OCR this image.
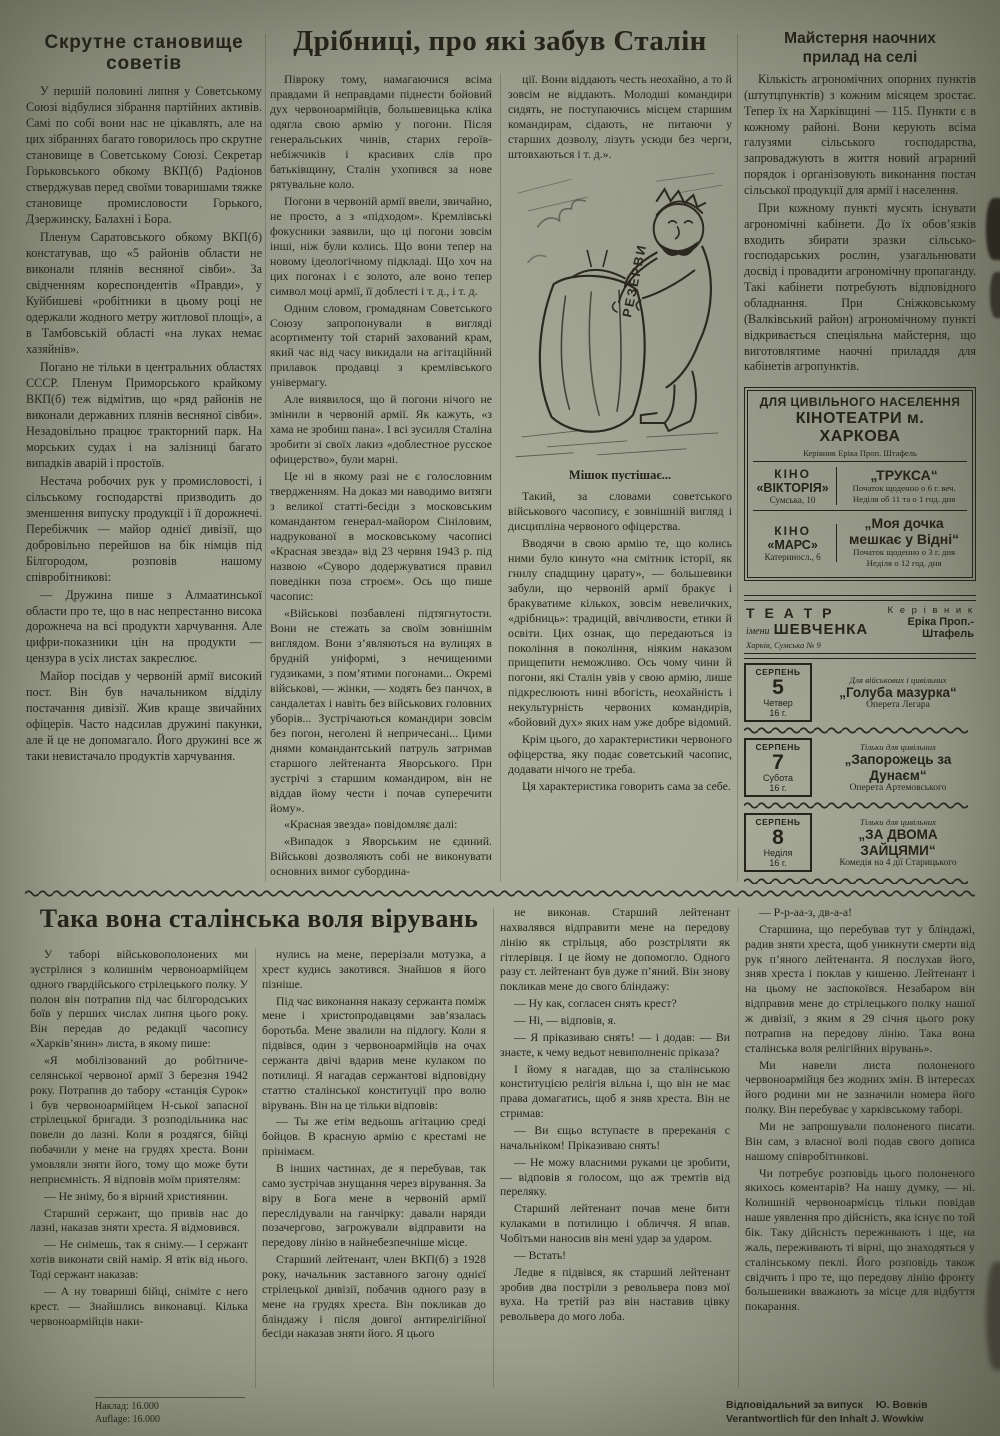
Скрутне становище
советів

У першій половині липня у Советському Союзі відбулися зібрання партійних активів. Самі по собі вони нас не цікавлять, але на цих зібраннях багато говорилось про скрутне становище в Советському Союзі. Секретар Горьковського обкому ВКП(б) Радіонов стверджував перед своїми товаришами тяжке становище промисловости Горького, Дзержинску, Балахні і Бора.

Пленум Саратовського обкому ВКП(б) констатував, що «5 районів области не виконали плянів весняної сівби». За свідченням кореспондентів «Правди», у Куйбишеві «робітники в цьому році не одержали жодного метру житлової площі», а в Тамбовській області «на луках немає хазяйнів».

Погано не тільки в центральних областях СССР. Пленум Приморського крайкому ВКП(б) теж відмітив, що «ряд районів не виконали державних плянів весняної сівби». Незадовільно працює тракторний парк. На морських судах і на залізниці багато випадків аварій і простоїв.

Нестача робочих рук у промисловості, і сільському господарстві призводить до зменшення випуску продукції і її дорожнечі. Перебіжчик — майор однієї дивізії, що добровільно перейшов на бік німців під Білгородом, розповів нашому співробітникові:

— Дружина пише з Алмаатинської области про те, що в нас непрестанно висока дорожнеча на всі продукти харчування. Але цифри-показники цін на продукти — цензура в усіх листах закреслює.

Майор посідав у червоній армії високий пост. Він був начальником відділу постачання дивізії. Жив краще звичайних офіцерів. Часто надсилав дружині пакунки, але й це не допомагало. Його дружині все ж таки невистачало продуктів харчування.

Дрібниці, про які забув Сталін

Півроку тому, намагаючися всіма правдами й неправдами піднести бойовий дух червоноармійців, большевицька кліка одягла свою армію у погони. Після генеральських чинів, старих героїв-небіжчиків і красивих слів про батьківщину, Сталін ухопився за нове рятувальне коло.

Погони в червоній армії ввели, звичайно, не просто, а з «підходом». Кремлівські фокусники заявили, що ці погони зовсім інші, ніж були колись. Що вони тепер на новому ідеологічному підкладі. Що хоч на цих погонах і є золото, але воно тепер символ моці армії, її доблесті і т. д., і т. д.

Одним словом, громадянам Советського Союзу запропонували в вигляді асортименту той старий захований крам, який час від часу викидали на агітаційний прилавок продавці з кремлівського універмагу.

Але виявилося, що й погони нічого не змінили в червоній армії. Як кажуть, «з хама не зробиш пана». І всі зусилля Сталіна зробити зі своїх лакиз «доблестное русское офицерство», були марні.

Це ні в якому разі не є голословним твердженням. На доказ ми наводимо витяги з великої статті-бесіди з московським командантом генерал-майором Сініловим, надрукованої в московському часописі «Красная звезда» від 23 червня 1943 р. під назвою «Суворо додержуватися правил поведінки поза строєм». Ось що пише часопис:

«Військові позбавлені підтягнутости. Вони не стежать за своїм зовнішнім виглядом. Вони з’являються на вулицях в брудній уніформі, з нечищеними гудзиками, з пом’ятими погонами... Окремі військові, — жінки, — ходять без панчох, в сандалетах і навіть без військових головних уборів... Зустрічаються командири зовсім без погон, неголені й непричесані... Цими днями командантський патруль затримав старшого лейтенанта Яворського. При зустрічі з старшим командиром, він не віддав йому чести і почав суперечити йому».

«Красная звезда» повідомляє далі:

«Випадок з Яворським не єдиний. Військові дозволяють собі не виконувати основних вимог субордина-

ції. Вони віддають честь неохайно, а то й зовсім не віддають. Молодші командири сидять, не поступаючись місцем старшим командирам, сідають, не питаючи у старших дозволу, лізуть усюди без черги, штовхаються і т. д.».

РЕЗЕРВИ
Мішок пустішає...

Такий, за словами советського військового часопису, є зовнішній вигляд і дисципліна червоного офіцерства.

Вводячи в свою армію те, що колись ними було кинуто «на смітник історії, як гнилу спадщину царату», — большевики забули, що червоній армії бракує і бракуватиме кількох, зовсім невеличких, «дрібниць»: традицій, ввічливости, етики й освіти. Цих ознак, що передаються із покоління в покоління, ніяким наказом прищепити неможливо. Ось чому чини й погони, які Сталін увів у свою армію, лише підкреслюють нині вбогість, неохайність і некультурність червоних командирів, «бойовий дух» яких нам уже добре відомий.

Крім цього, до характеристики червоного офіцерства, яку подає советський часопис, додавати нічого не треба.

Ця характеристика говорить сама за себе.

Майстерня наочних
прилад на селі

Кількість агрономічних опорних пунктів (штутцпунктів) з кожним місяцем зростає. Тепер їх на Харківщині — 115. Пункти є в кожному районі. Вони керують всіма галузями сільського господарства, запроваджують в життя новий аграрний порядок і організовують виконання постач сільської продукції для армії і населення.

При кожному пункті мусять існувати агрономічні кабінети. До їх обов’язків входить збирати зразки сільсько-господарських рослин, узагальнювати досвід і провадити агрономічну пропаганду. Такі кабінети потребують відповідного обладнання. При Сніжковському (Валківський район) агрономічному пункті відкривається спеціяльна майстерня, що виготовлятиме наочні приладдя для кабінетів агропунктів.

ДЛЯ ЦИВІЛЬНОГО НАСЕЛЕННЯ
КІНОТЕАТРИ м. ХАРКОВА
Керівник Еріка Проп. Штафель
КІНО
«ВІКТОРІЯ»
Сумська, 10
„ТРУКСА“
Початок щоденно о 6 г. веч.
Неділя об 11 та о 1 год. дня
КІНО
«МАРС»
Катериносл., 6
„Моя дочка мешкає у Відні“
Початок щоденно о 3 г. дня
Неділя о 12 год. дня
Т Е А Т Р
імени ШЕВЧЕНКА
Харків, Сумська № 9
К е р і в н и к
Еріка Проп.-Штафель
СЕРПЕНЬ
5
Четвер
16 г.
Для військових і цивільних
„Голуба мазурка“
Оперета Легара
СЕРПЕНЬ
7
Субота
16 г.
Тільки для цивільних
„Запорожець за Дунаєм“
Оперета Артемовського
СЕРПЕНЬ
8
Неділя
16 г.
Тільки для цивільних
„ЗА ДВОМА ЗАЙЦЯМИ“
Комедія на 4 дії Старицького
Така вона сталінська воля вірувань

У таборі військовополонених ми зустрілися з колишнім червоноармійцем одного гвардійського стрілецького полку. У полон він потрапив під час білгородських боїв у перших числах липня цього року. Він передав до редакції часопису «Харків’янин» листа, в якому пише:

«Я мобілізований до робітниче-селянської червоної армії 3 березня 1942 року. Потрапив до табору «станція Сурок» і був червоноармійцем Н-ської запасної стрілецької бригади. З розподільника нас повели до лазні. Коли я роздягся, бійці побачили у мене на грудях хреста. Вони умовляли зняти його, тому що може бути неприємність. Я відповів моїм приятелям:

— Не зніму, бо я вірний християнин.

Старший сержант, що привів нас до лазні, наказав зняти хреста. Я відмовився.

— Не снімешь, так я сніму.— І сержант хотів виконати свій намір. Я втік від нього. Тоді сержант наказав:

— А ну товариші бійці, сніміте с него крест. — Знайшлись виконавці. Кілька червоноармійців наки-

нулись на мене, перерізали мотузка, а хрест кудись закотився. Знайшов я його пізніше.

Під час виконання наказу сержанта поміж мене і христопродавцями зав’язалась боротьба. Мене звалили на підлогу. Коли я підвівся, один з червоноармійців на очах сержанта двічі вдарив мене кулаком по потилиці. Я нагадав сержантові відповідну статтю сталінської конституції про волю вірувань. Він на це тільки відповів:

— Ты же етім ведьошь агітацию среді бойцов. В красную армію с крестамі не прінімаєм.

В інших частинах, де я перебував, так само зустрічав знущання через вірування. За віру в Бога мене в червоній армії переслідували на ганчірку: давали наряди позачергово, загрожували відправити на передову лінію в найнебезпечніше місце.

Старший лейтенант, член ВКП(б) з 1928 року, начальник заставного загону однієї стрілецької дивізії, побачив одного разу в мене на грудях хреста. Він покликав до бліндажу і після довгої антирелігійної бесіди наказав зняти його. Я цього

не виконав. Старший лейтенант нахвалявся відправити мене на передову лінію як стрільця, або розстріляти як гітлерівця. І це йому не допомогло. Одного разу ст. лейтенант був дуже п’яний. Він знову покликав мене до свого бліндажу:

— Ну как, согласен снять крест?

— Ні, — відповів, я.

— Я пріказиваю снять! — і додав: — Ви знаєте, к чему ведьот невиполненіє пріказа?

І йому я нагадав, що за сталінською конституцією релігія вільна і, що він не має права домагатись, щоб я зняв хреста. Він не стримав:

— Ви єщьо вступаєте в пререканія с начальніком! Пріказиваю снять!

— Не можу власними руками це зробити, — відповів я голосом, що аж тремтів від переляку.

Старший лейтенант почав мене бити кулаками в потилицю і обличчя. Я впав. Чобітьми наносив він мені удар за ударом.

— Встать!

Ледве я підвівся, як старший лейтенант зробив два постріли з револьвера повз мої вуха. На третій раз він наставив цівку револьвера до мого лоба.

— Р-р-аа-з, дв-а-а!

Старшина, що перебував тут у бліндажі, радив зняти хреста, щоб уникнути смерти від рук п’яного лейтенанта. Я послухав його, зняв хреста і поклав у кишеню. Лейтенант і на цьому не заспокоївся. Незабаром він відправив мене до стрілецького полку нашої ж дивізії, з яким я 29 січня цього року потрапив на передову лінію. Така вона сталінська воля релігійних вірувань».

Ми навели листа полоненого червоноармійця без жодних змін. В інтересах його родини ми не зазначили номера його полку. Він перебуває у харківському таборі.

Ми не запрошували полоненого писати. Він сам, з власної волі подав свого дописа нашому співробітникові.

Чи потребує розповідь цього полоненого якихось коментарів? На нашу думку, — ні. Колишній червоноармієць тільки повідав наше уявлення про дійсність, яка існує по той бік. Таку дійсність переживають і ще, на жаль, переживають ті вірні, що знаходяться у сталінському пеклі. Його розповідь також свідчить і про те, що передову лінію фронту большевики вважають за місце для відбуття покарання.

Наклад: 16.000
Auflage: 16.000
Відповідальний за випуск Ю. Вовків
Verantwortlich für den Inhalt J. Wowkiw
